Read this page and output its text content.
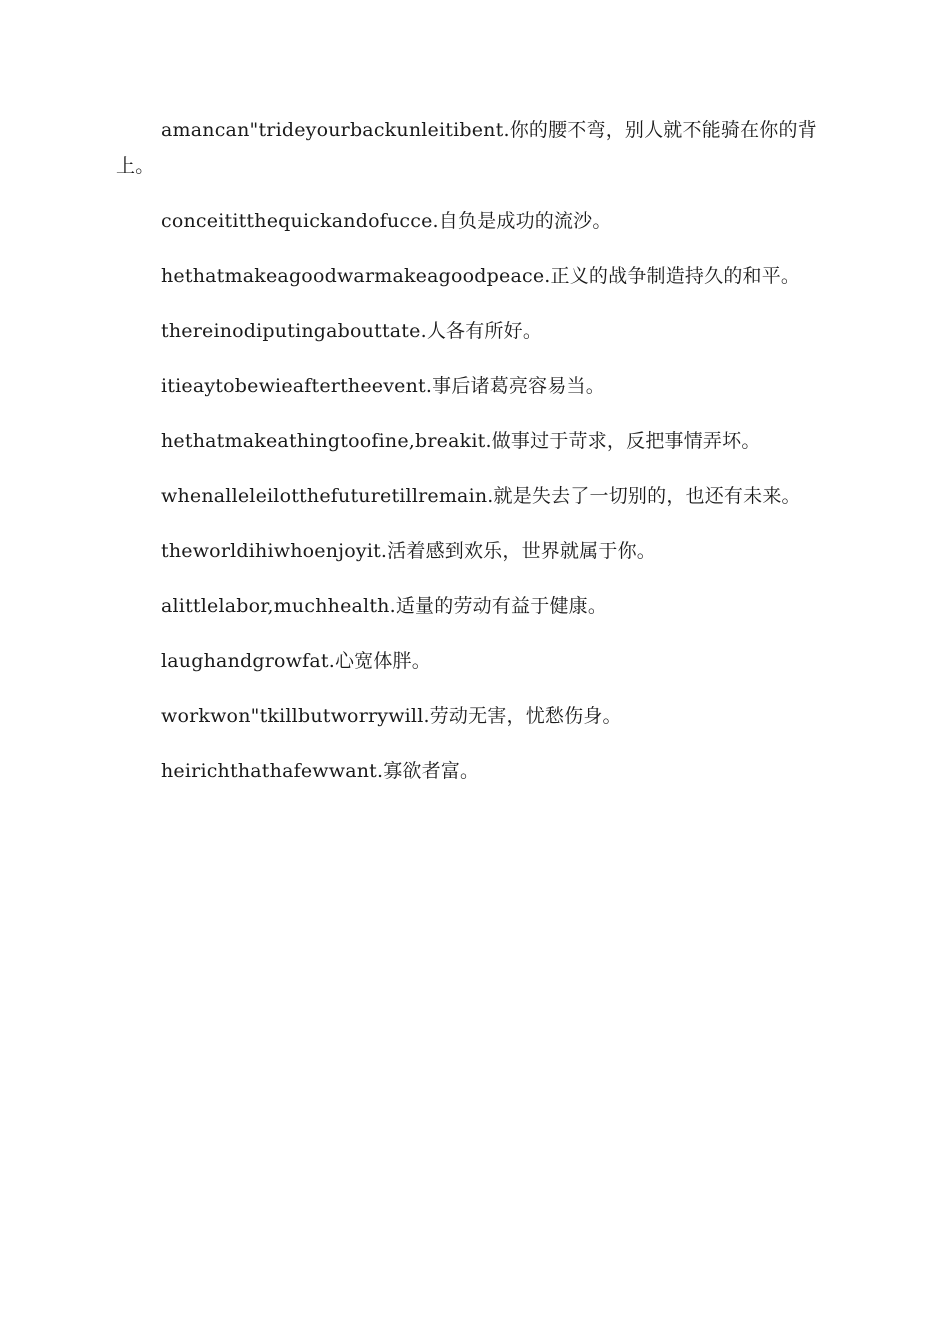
amancan"trideyourbackunleitibent.你的腰不弯，别人就不能骑在你的背上。

conceititthequickandofucce.自负是成功的流沙。

hethatmakeagoodwarmakeagoodpeace.正义的战争制造持久的和平。

thereinodiputingabouttate.人各有所好。

itieaytobewieaftertheevent.事后诸葛亮容易当。

hethatmakeathingtoofine,breakit.做事过于苛求，反把事情弄坏。

whenalleleilotthefuturetillremain.就是失去了一切别的，也还有未来。

theworldihiwhoenjoyit.活着感到欢乐，世界就属于你。

alittlelabor,muchhealth.适量的劳动有益于健康。

laughandgrowfat.心宽体胖。

workwon"tkillbutworrywill.劳动无害，忧愁伤身。

heirichthathafewwant.寡欲者富。
